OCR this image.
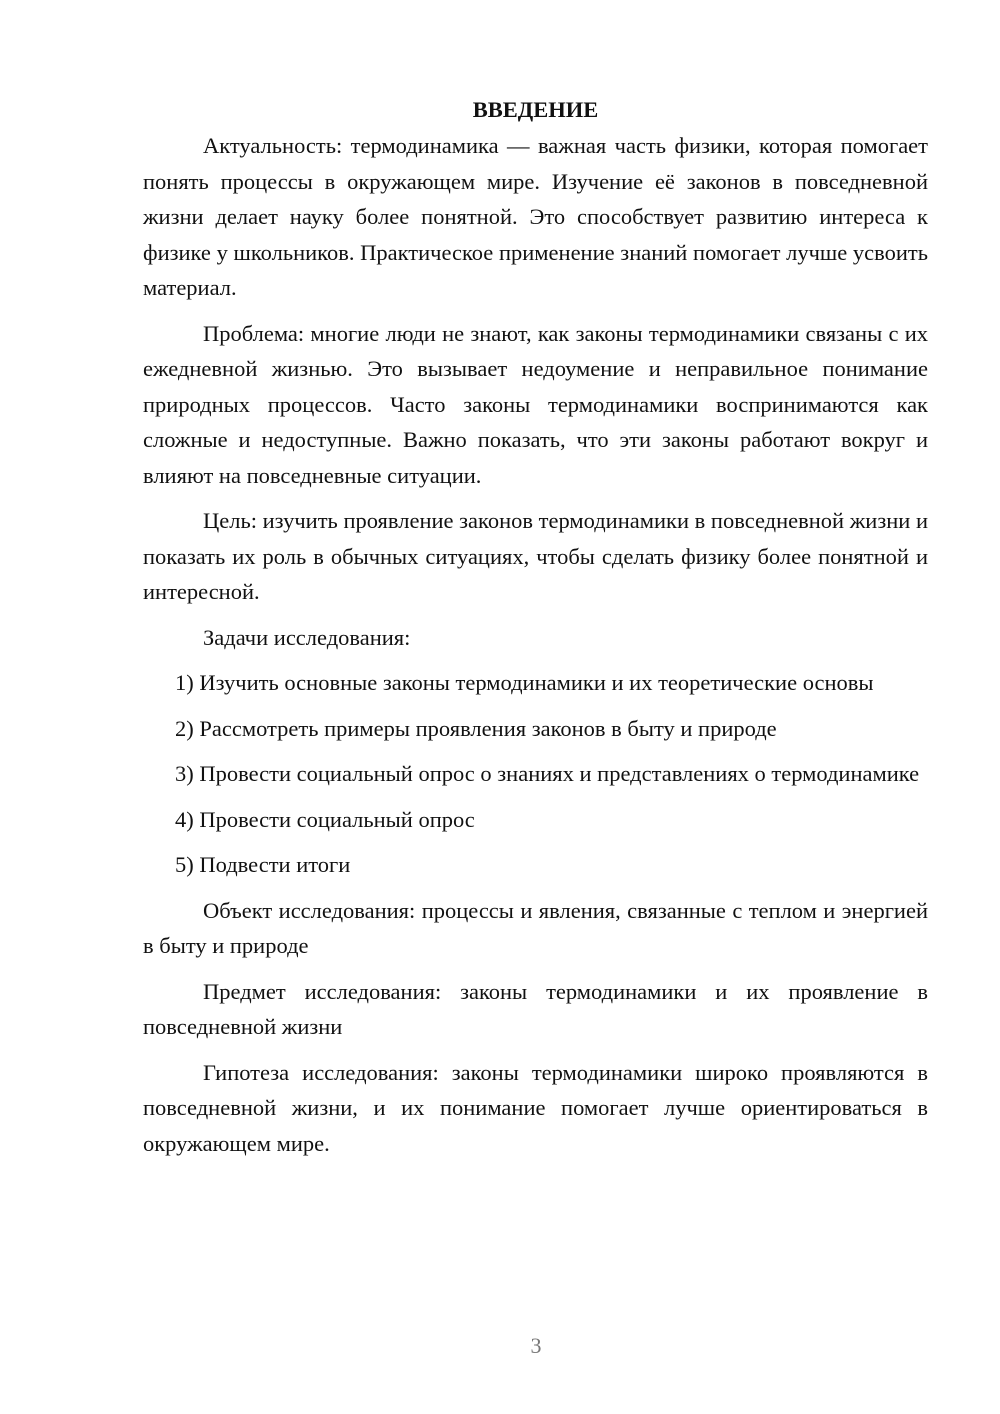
ВВЕДЕНИЕ

Актуальность: термодинамика — важная часть физики, которая помогает понять процессы в окружающем мире. Изучение её законов в повседневной жизни делает науку более понятной. Это способствует развитию интереса к физике у школьников. Практическое применение знаний помогает лучше усвоить материал.

Проблема: многие люди не знают, как законы термодинамики связаны с их ежедневной жизнью. Это вызывает недоумение и неправильное понимание природных процессов. Часто законы термодинамики воспринимаются как сложные и недоступные. Важно показать, что эти законы работают вокруг и влияют на повседневные ситуации.

Цель: изучить проявление законов термодинамики в повседневной жизни и показать их роль в обычных ситуациях, чтобы сделать физику более понятной и интересной.

Задачи исследования:

1) Изучить основные законы термодинамики и их теоретические основы

2) Рассмотреть примеры проявления законов в быту и природе

3) Провести социальный опрос о знаниях и представлениях о термодинамике

4) Провести социальный опрос

5) Подвести итоги

Объект исследования: процессы и явления, связанные с теплом и энергией в быту и природе

Предмет исследования: законы термодинамики и их проявление в повседневной жизни

Гипотеза исследования: законы термодинамики широко проявляются в повседневной жизни, и их понимание помогает лучше ориентироваться в окружающем мире.

3
